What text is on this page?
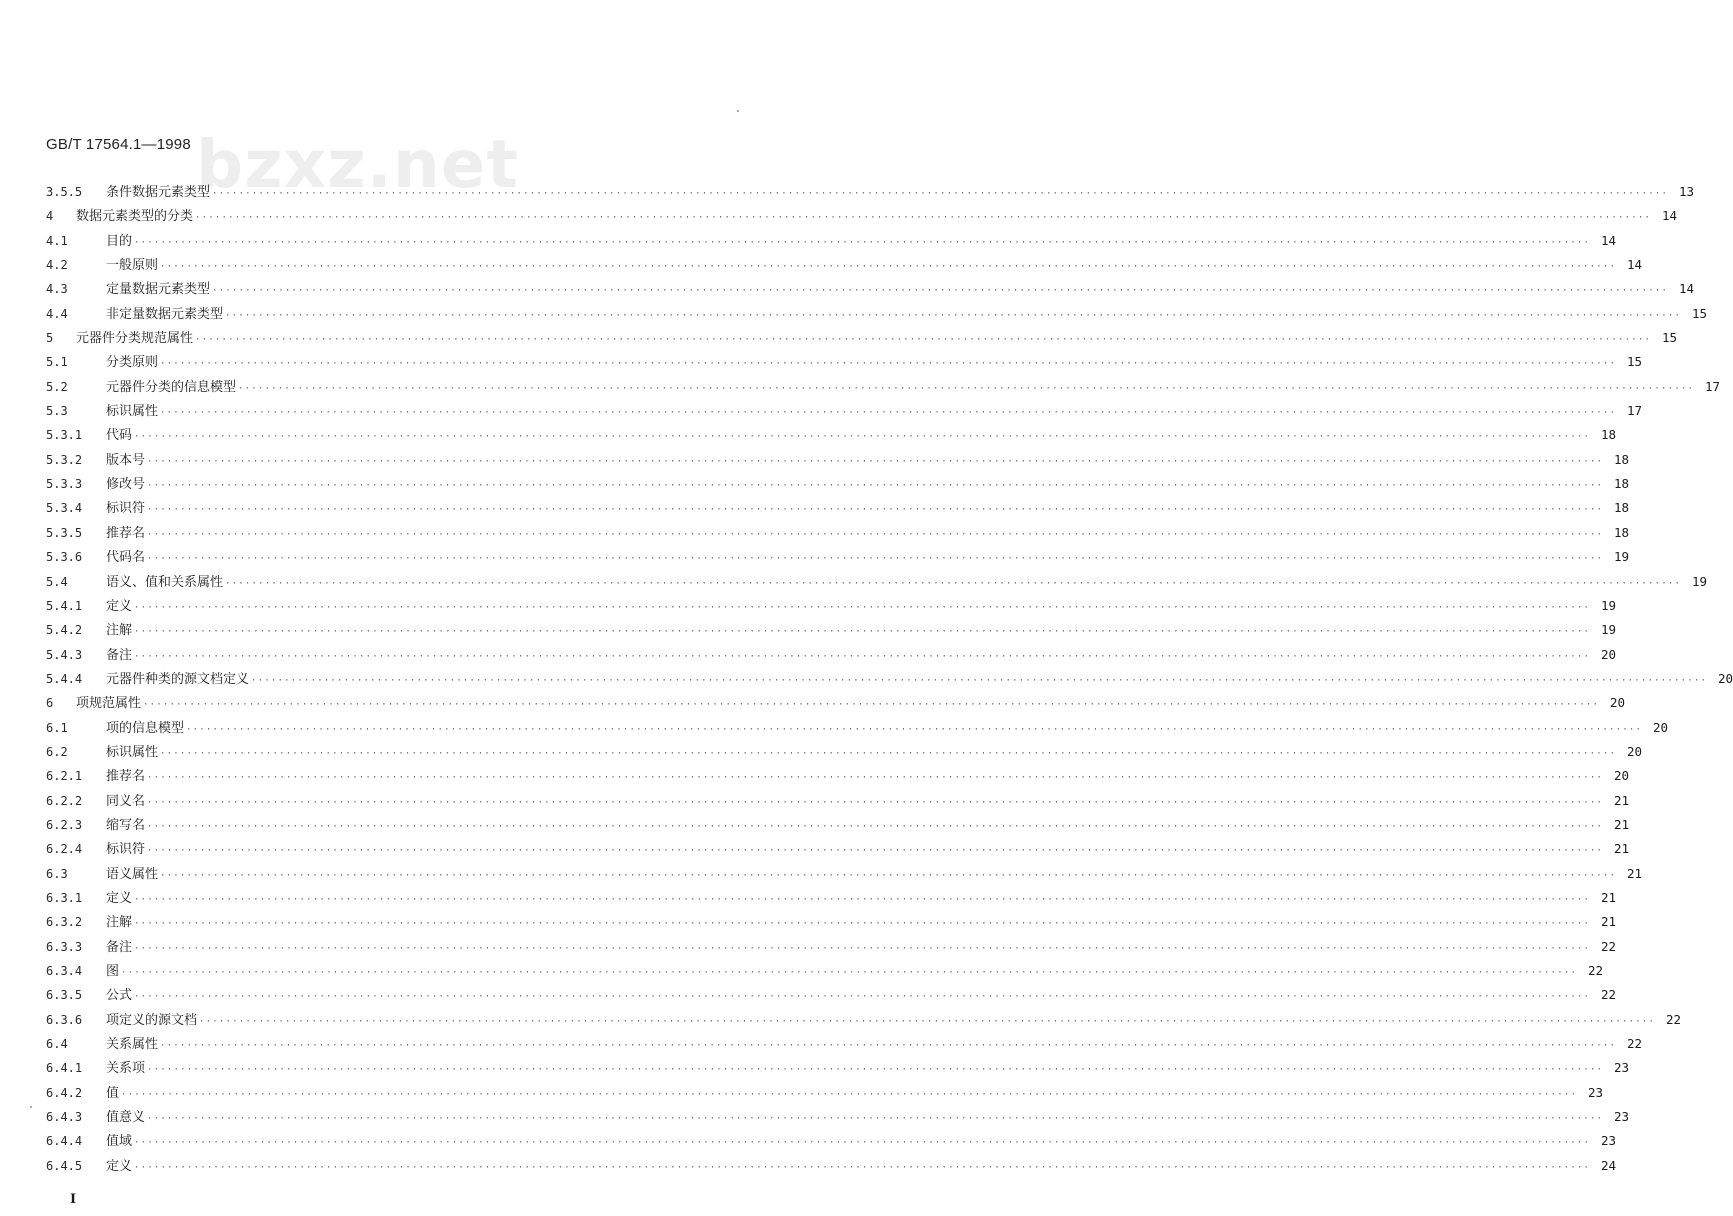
bzxz.net
GB/T 17564.1—1998
3.5.5	条件数据元素类型 ···························································································································································································································· 13
4	数据元素类型的分类 ···························································································································································································································· 14
4.1	目的 ···························································································································································································································· 14
4.2	一般原则 ···························································································································································································································· 14
4.3	定量数据元素类型 ···························································································································································································································· 14
4.4	非定量数据元素类型 ···························································································································································································································· 15
5	元器件分类规范属性 ···························································································································································································································· 15
5.1	分类原则 ···························································································································································································································· 15
5.2	元器件分类的信息模型 ···························································································································································································································· 17
5.3	标识属性 ···························································································································································································································· 17
5.3.1	代码 ···························································································································································································································· 18
5.3.2	版本号 ···························································································································································································································· 18
5.3.3	修改号 ···························································································································································································································· 18
5.3.4	标识符 ···························································································································································································································· 18
5.3.5	推荐名 ···························································································································································································································· 18
5.3.6	代码名 ···························································································································································································································· 19
5.4	语义、值和关系属性 ···························································································································································································································· 19
5.4.1	定义 ···························································································································································································································· 19
5.4.2	注解 ···························································································································································································································· 19
5.4.3	备注 ···························································································································································································································· 20
5.4.4	元器件种类的源文档定义 ···························································································································································································································· 20
6	项规范属性 ···························································································································································································································· 20
6.1	项的信息模型 ···························································································································································································································· 20
6.2	标识属性 ···························································································································································································································· 20
6.2.1	推荐名 ···························································································································································································································· 20
6.2.2	同义名 ···························································································································································································································· 21
6.2.3	缩写名 ···························································································································································································································· 21
6.2.4	标识符 ···························································································································································································································· 21
6.3	语义属性 ···························································································································································································································· 21
6.3.1	定义 ···························································································································································································································· 21
6.3.2	注解 ···························································································································································································································· 21
6.3.3	备注 ···························································································································································································································· 22
6.3.4	图 ···························································································································································································································· 22
6.3.5	公式 ···························································································································································································································· 22
6.3.6	项定义的源文档 ···························································································································································································································· 22
6.4	关系属性 ···························································································································································································································· 22
6.4.1	关系项 ···························································································································································································································· 23
6.4.2	值 ···························································································································································································································· 23
6.4.3	值意义 ···························································································································································································································· 23
6.4.4	值域 ···························································································································································································································· 23
6.4.5	定义 ···························································································································································································································· 24
I
